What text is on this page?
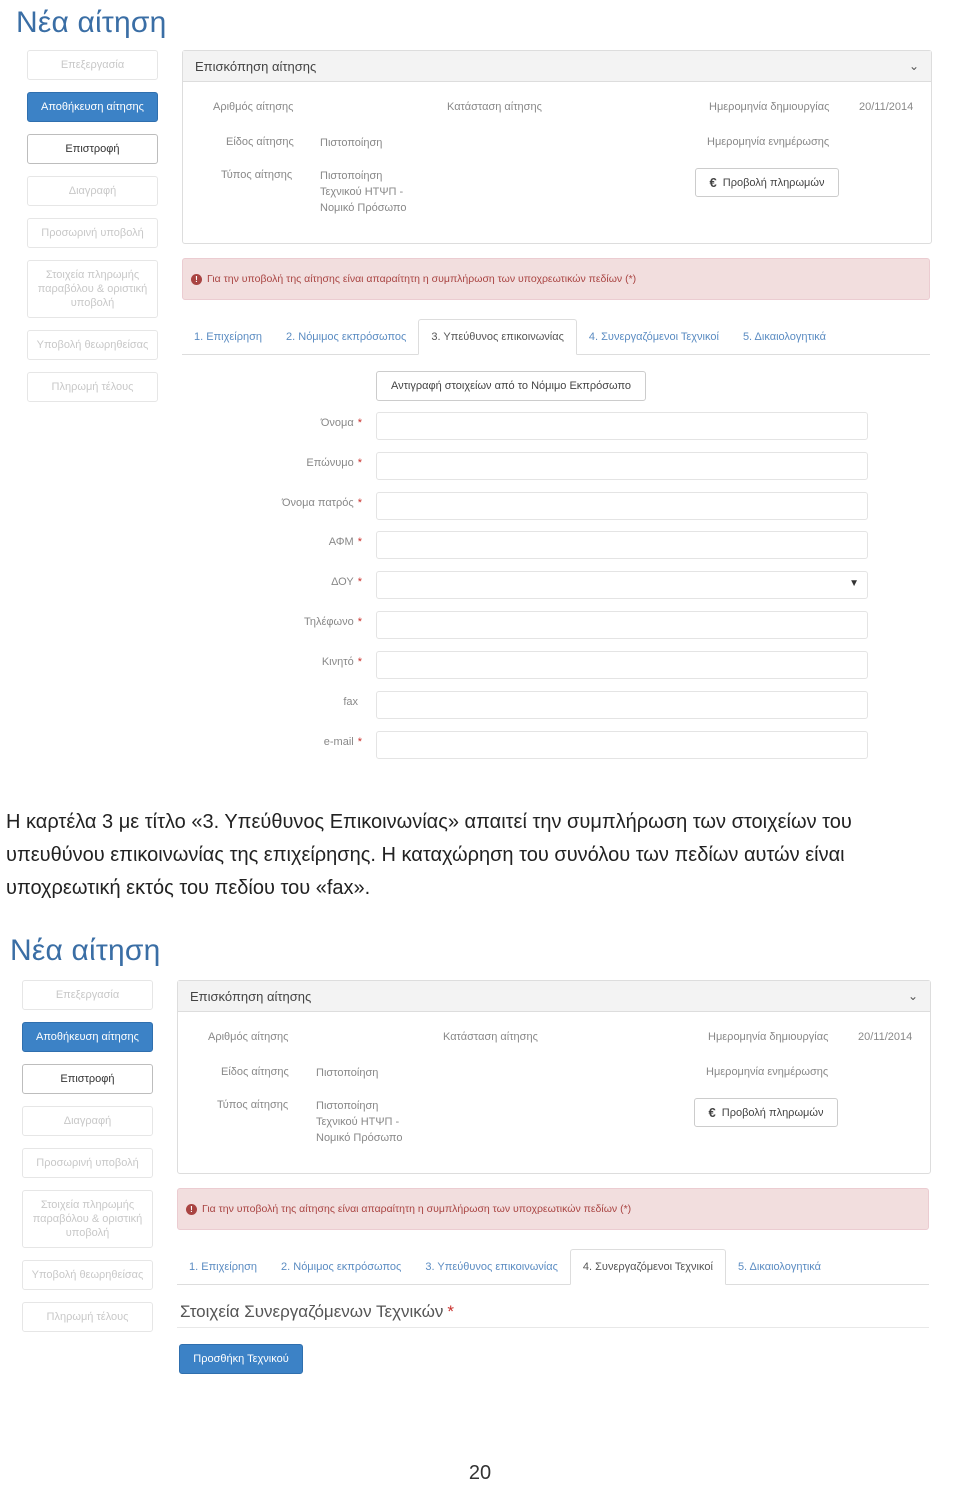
Νέα αίτηση
Επεξεργασία
Αποθήκευση αίτησης
Επιστροφή
Διαγραφή
Προσωρινή υποβολή
Στοιχεία πληρωμής παραβόλου & οριστική υποβολή
Υποβολή θεωρηθείσας
Πληρωμή τέλους
Επισκόπηση αίτησης	⌄
Αριθμός αίτησης	Κατάσταση αίτησης	Ημερομηνία δημιουργίας	20/11/2014
Είδος αίτησης Πιστοποίηση	Ημερομηνία ενημέρωσης
Τύπος αίτησης	Πιστοποίηση
Τεχνικού ΗΤΨΠ -
Νομικό Πρόσωπο
€ Προβολή πληρωμών
! Για την υποβολή της αίτησης είναι απαραίτητη η συμπλήρωση των υποχρεωτικών πεδίων (*)
1. Επιχείρηση	2. Νόμιμος εκπρόσωπος	3. Υπεύθυνος επικοινωνίας	4. Συνεργαζόμενοι Τεχνικοί	5. Δικαιολογητικά
Αντιγραφή στοιχείων από το Νόμιμο Εκπρόσωπο
Όνομα *
Επώνυμο *
Όνομα πατρός *
ΑΦΜ *
ΔΟΥ *	▼
Τηλέφωνο *
Κινητό *
fax
e-mail *
Η καρτέλα 3 με τίτλο «3. Υπεύθυνος Επικοινωνίας» απαιτεί την συμπλήρωση των στοιχείων του υπευθύνου επικοινωνίας της επιχείρησης. Η καταχώρηση του συνόλου των πεδίων αυτών είναι υποχρεωτική εκτός του πεδίου του «fax».
Νέα αίτηση
Επεξεργασία
Αποθήκευση αίτησης
Επιστροφή
Διαγραφή
Προσωρινή υποβολή
Στοιχεία πληρωμής παραβόλου & οριστική υποβολή
Υποβολή θεωρηθείσας
Πληρωμή τέλους
Επισκόπηση αίτησης	⌄
Αριθμός αίτησης	Κατάσταση αίτησης	Ημερομηνία δημιουργίας	20/11/2014
Είδος αίτησης Πιστοποίηση	Ημερομηνία ενημέρωσης
Τύπος αίτησης	Πιστοποίηση
Τεχνικού ΗΤΨΠ -
Νομικό Πρόσωπο
€ Προβολή πληρωμών
! Για την υποβολή της αίτησης είναι απαραίτητη η συμπλήρωση των υποχρεωτικών πεδίων (*)
1. Επιχείρηση	2. Νόμιμος εκπρόσωπος	3. Υπεύθυνος επικοινωνίας	4. Συνεργαζόμενοι Τεχνικοί	5. Δικαιολογητικά
Στοιχεία Συνεργαζόμενων Τεχνικών *
Προσθήκη Τεχνικού
20
